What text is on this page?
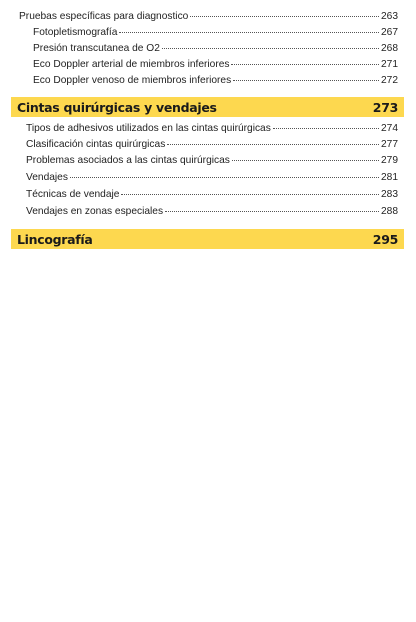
Pruebas específicas para diagnostico	263
Fotopletismografía	267
Presión transcutanea de O2	268
Eco Doppler arterial de miembros inferiores	271
Eco Doppler venoso de miembros inferiores	272
Cintas quirúrgicas y vendajes	273
Tipos de adhesivos utilizados en las cintas quirúrgicas	274
Clasificación cintas quirúrgicas	277
Problemas asociados a las cintas quirúrgicas	279
Vendajes	281
Técnicas de vendaje	283
Vendajes en zonas especiales	288
Lincografía	295
